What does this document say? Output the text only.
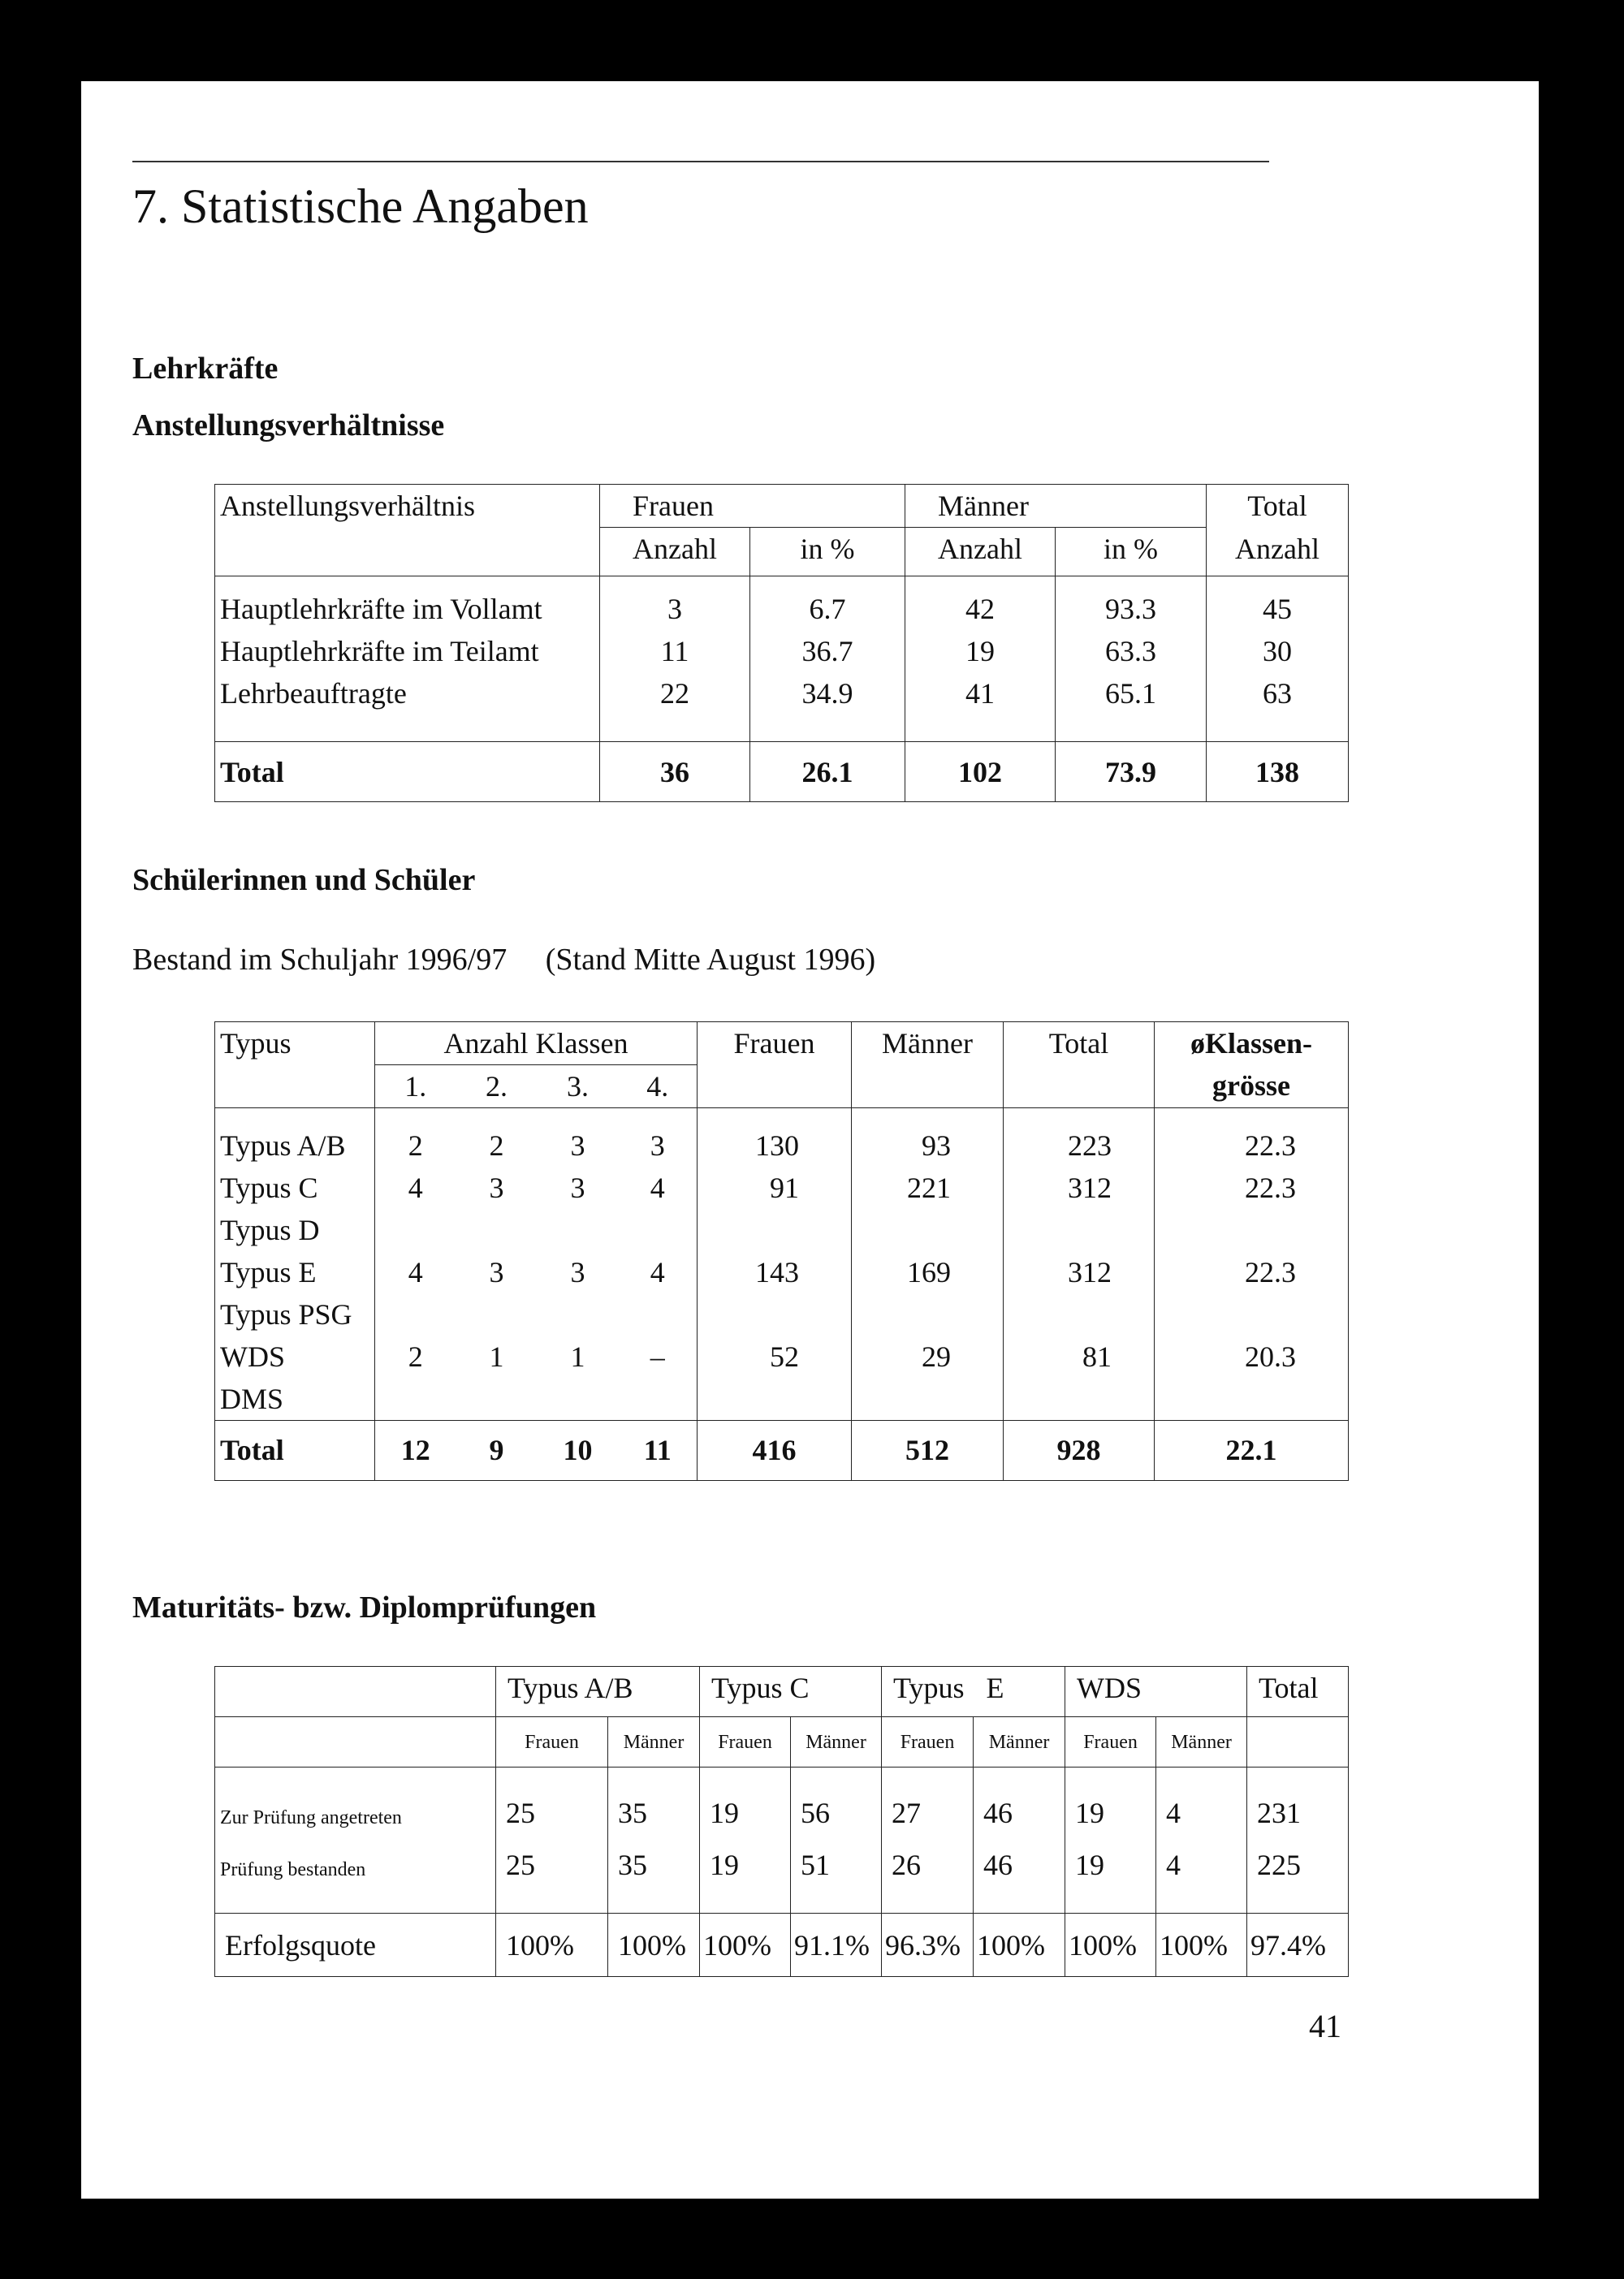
7. Statistische Angaben
Lehrkräfte
Anstellungsverhältnisse
Anstellungsverhältnis	Frauen		Männer		Total
	Anzahl	in %	Anzahl	in %	Anzahl

Hauptlehrkräfte im Vollamt	3	6.7	42	93.3	45
Hauptlehrkräfte im Teilamt	11	36.7	19	63.3	30
Lehrbeauftragte	22	34.9	41	65.1	63

Total	36	26.1	102	73.9	138
Schülerinnen und Schüler

Bestand im Schuljahr 1996/97     (Stand Mitte August 1996)

Typus	Anzahl Klassen				Frauen	Männer	Total	øKlassen-
grösse

	1.	2.	3.	4.				

Typus A/B	2	2	3	3	130	93	223	22.3
Typus C	4	3	3	4	91	221	312	22.3
Typus D								
Typus E	4	3	3	4	143	169	312	22.3
Typus PSG								
WDS	2	1	1	–	52	29	81	20.3
DMS								
Total	12	9	10	11	416	512	928	22.1
Maturitäts- bzw. Diplomprüfungen
	Typus A/B		Typus C		Typus   E		WDS		Total
	Frauen	Männer	Frauen	Männer	Frauen	Männer	Frauen	Männer	

Zur Prüfung angetreten	25	35	19	56	27	46	19	4	231
Prüfung bestanden	25	35	19	51	26	46	19	4	225

Erfolgsquote	100%	100%	100%	91.1%	96.3%	100%	100%	100%	97.4%
41
